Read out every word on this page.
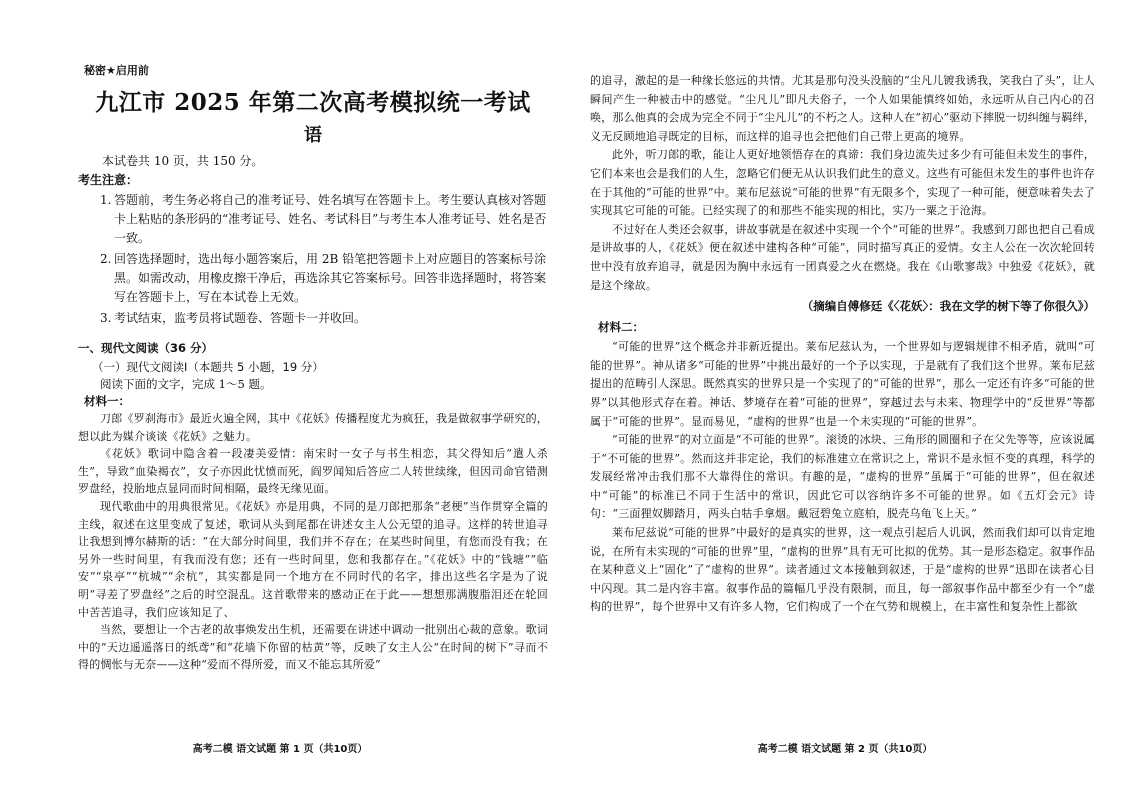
秘密★启用前

九江市 2025 年第二次高考模拟统一考试
语

本试卷共 10 页，共 150 分。

考生注意：

1. 答题前，考生务必将自己的准考证号、姓名填写在答题卡上。考生要认真核对答题卡上粘贴的条形码的“准考证号、姓名、考试科目”与考生本人准考证号、姓名是否一致。
2. 回答选择题时，选出每小题答案后，用 2B 铅笔把答题卡上对应题目的答案标号涂黑。如需改动，用橡皮擦干净后，再选涂其它答案标号。回答非选择题时，将答案写在答题卡上，写在本试卷上无效。
3. 考试结束，监考员将试题卷、答题卡一并收回。

一、现代文阅读（36 分）

（一）现代文阅读Ⅰ（本题共 5 小题，19 分）

阅读下面的文字，完成 1～5 题。

材料一：

刀郎《罗刹海市》最近火遍全网，其中《花妖》传播程度尤为疯狂，我是做叙事学研究的，想以此为媒介谈谈《花妖》之魅力。

《花妖》歌词中隐含着一段凄美爱情：南宋时一女子与书生相恋，其父得知后“遣人杀生”，导致“血染褐衣”，女子亦因此忧愤而死，阎罗闻知后答应二人转世续缘，但因司命官错测罗盘经，投胎地点显同而时间相隔，最终无缘见面。

现代歌曲中的用典很常见。《花妖》亦是用典，不同的是刀郎把那条“老梗”当作贯穿全篇的主线，叙述在这里变成了复述，歌词从头到尾都在讲述女主人公无望的追寻。这样的转世追寻让我想到博尔赫斯的话：“在大部分时间里，我们并不存在；在某些时间里，有您而没有我；在另外一些时间里，有我而没有您；还有一些时间里，您和我都存在。”《花妖》中的“钱塘”“临安”“泉亭”“杭城”“余杭”，其实都是同一个地方在不同时代的名字，排出这些名字是为了说明“寻差了罗盘经”之后的时空混乱。这首歌带来的感动正在于此——想想那满腹脂泪还在轮回中苦苦追寻，我们应该知足了、

当然，要想让一个古老的故事焕发出生机，还需要在讲述中调动一批别出心裁的意象。歌词中的“天边遥遥落日的纸鸢”和“花墙下你留的枯黄”等，反映了女主人公“在时间的树下”寻而不得的惆怅与无奈——这种“爱而不得所爱，而又不能忘其所爱”

高考二模 语文试题 第 1 页（共10页）

的追寻，激起的是一种缘长悠远的共情。尤其是那句没头没脑的“尘凡儿镀我诱我，笑我白了头”，让人瞬间产生一种被击中的感觉。“尘凡儿”即凡夫俗子，一个人如果能慎终如始，永远听从自己内心的召唤，那么他真的会成为完全不同于“尘凡儿”的不朽之人。这种人在“初心”驱动下摔脱一切纠缠与羁绊，义无反顾地追寻既定的目标，而这样的追寻也会把他们自己带上更高的境界。

此外，听刀郎的歌，能让人更好地领悟存在的真谛：我们身边流失过多少有可能但未发生的事件，它们本来也会是我们的人生，忽略它们便无从认识我们此生的意义。这些有可能但未发生的事件也许存在于其他的“可能的世界”中。莱布尼兹说“可能的世界”有无限多个，实现了一种可能，便意味着失去了实现其它可能的可能。已经实现了的和那些不能实现的相比，实乃一粟之于沧海。

不过好在人类还会叙事，讲故事就是在叙述中实现一个个“可能的世界”。我感到刀郎也把自己看成是讲故事的人，《花妖》便在叙述中建构各种“可能”，同时描写真正的爱情。女主人公在一次次轮回转世中没有放弃追寻，就是因为胸中永远有一团真爱之火在燃烧。我在《山歌寥哉》中独爱《花妖》，就是这个缘故。

（摘编自傅修廷《〈花妖〉：我在文学的树下等了你很久》）

材料二：

“可能的世界”这个概念并非新近提出。莱布尼兹认为，一个世界如与逻辑规律不相矛盾，就叫“可能的世界”。神从诸多“可能的世界”中挑出最好的一个予以实现，于是就有了我们这个世界。莱布尼兹提出的范畴引人深思。既然真实的世界只是一个实现了的“可能的世界”，那么一定还有许多“可能的世界”以其他形式存在着。神话、梦境存在着“可能的世界”，穿越过去与未来、物理学中的“反世界”等都属于“可能的世界”。显而易见，“虚构的世界”也是一个未实现的“可能的世界”。

“可能的世界”的对立面是“不可能的世界”。滚烫的冰块、三角形的圆圈和子在父先等等，应该说属于“不可能的世界”。然而这并非定论，我们的标准建立在常识之上，常识不是永恒不变的真理，科学的发展经常冲击我们那不大靠得住的常识。有趣的是，“虚构的世界”虽属于“可能的世界”，但在叙述中“可能”的标准已不同于生活中的常识，因此它可以容纳许多不可能的世界。如《五灯会元》诗句：“三面狸奴脚踏月，两头白牯手拿烟。戴冠碧兔立庭柏，脱壳乌龟飞上天。”

莱布尼兹说“可能的世界”中最好的是真实的世界，这一观点引起后人讥讽，然而我们却可以肯定地说，在所有未实现的“可能的世界”里，“虚构的世界”具有无可比拟的优势。其一是形态稳定。叙事作品在某种意义上“固化”了“虚构的世界”。读者通过文本接触到叙述，于是“虚构的世界”迅即在读者心目中闪现。其二是内容丰富。叙事作品的篇幅几乎没有限制，而且，每一部叙事作品中都至少有一个“虚构的世界”，每个世界中又有许多人物，它们构成了一个在气势和规模上，在丰富性和复杂性上都欲

高考二模 语文试题 第 2 页（共10页）
